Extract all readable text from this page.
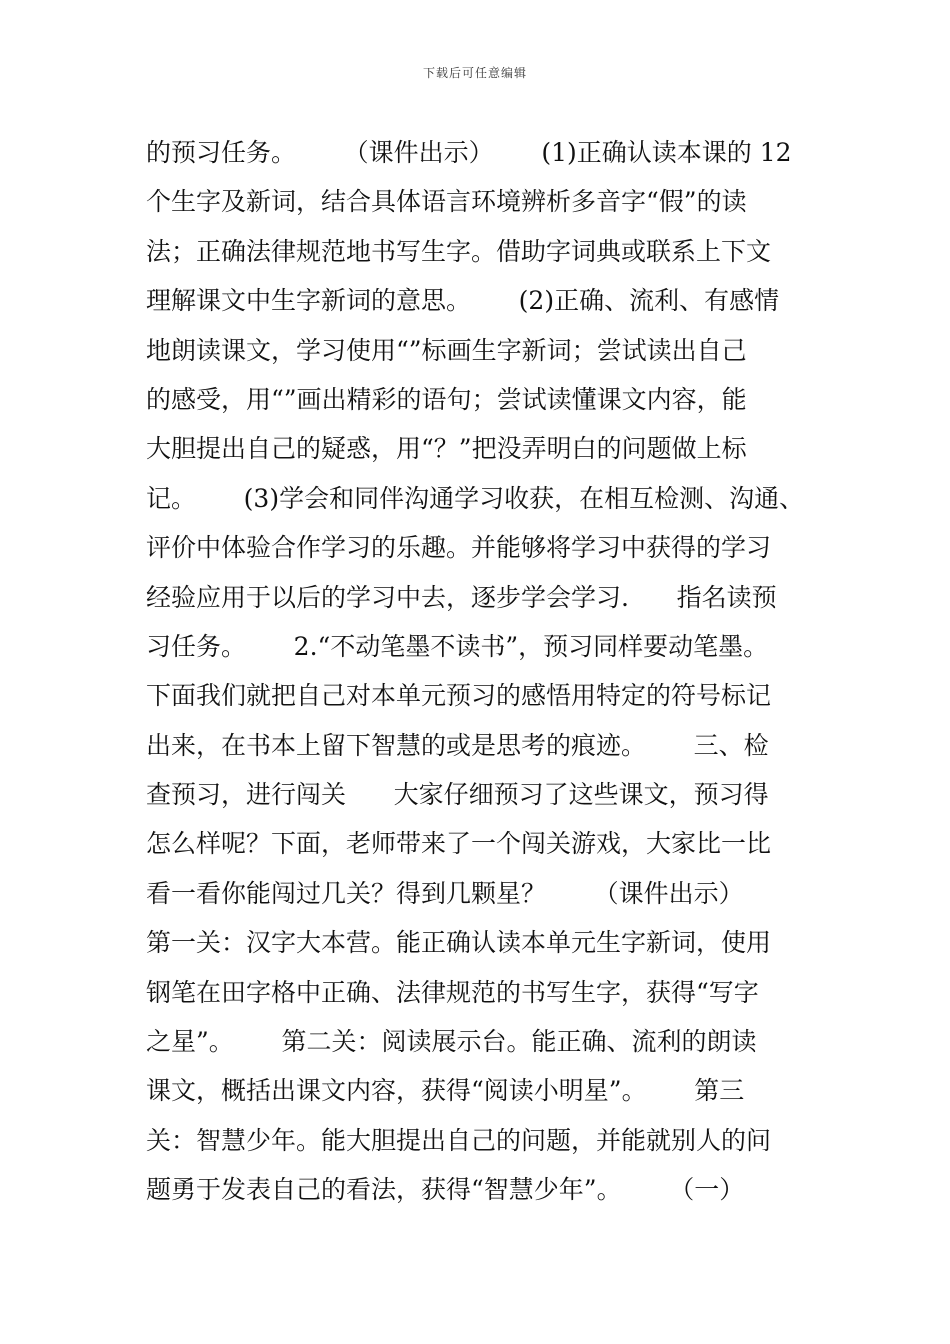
下载后可任意编辑
的预习任务。      （课件出示）      (1)正确认读本课的 12
个生字及新词，结合具体语言环境辨析多音字“假”的读
法；正确法律规范地书写生字。借助字词典或联系上下文
理解课文中生字新词的意思。      (2)正确、流利、有感情
地朗读课文，学习使用“”标画生字新词；尝试读出自己
的感受，用“”画出精彩的语句；尝试读懂课文内容，能
大胆提出自己的疑惑，用“？”把没弄明白的问题做上标
记。      (3)学会和同伴沟通学习收获，在相互检测、沟通、
评价中体验合作学习的乐趣。并能够将学习中获得的学习
经验应用于以后的学习中去，逐步学会学习.      指名读预
习任务。      2.“不动笔墨不读书”，预习同样要动笔墨。
下面我们就把自己对本单元预习的感悟用特定的符号标记
出来，在书本上留下智慧的或是思考的痕迹。      三、检
查预习，进行闯关      大家仔细预习了这些课文，预习得
怎么样呢？下面，老师带来了一个闯关游戏，大家比一比
看一看你能闯过几关？得到几颗星？      （课件出示）
第一关：汉字大本营。能正确认读本单元生字新词，使用
钢笔在田字格中正确、法律规范的书写生字，获得“写字
之星”。      第二关：阅读展示台。能正确、流利的朗读
课文，概括出课文内容，获得“阅读小明星”。      第三
关：智慧少年。能大胆提出自己的问题，并能就别人的问
题勇于发表自己的看法，获得“智慧少年”。      （一）
